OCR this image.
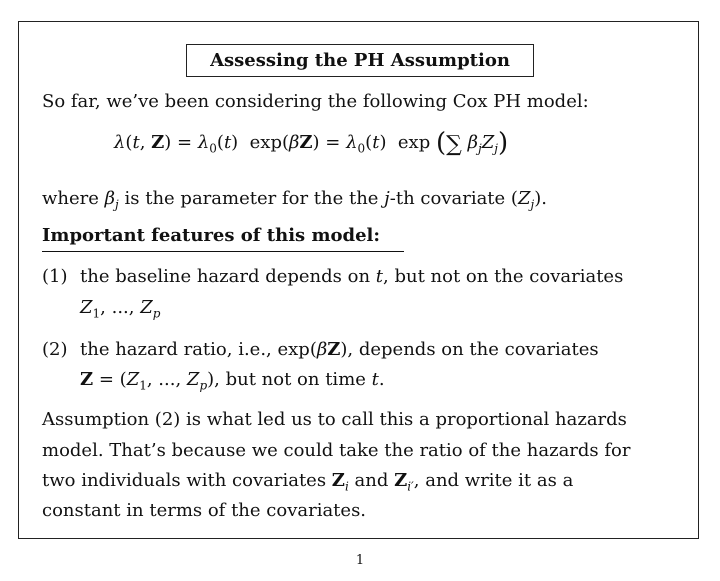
Assessing the PH Assumption
So far, we’ve been considering the following Cox PH model:
λ(t, $Z) = \lambda_0(t) \exp(\beta Z) = \lambda_0(t)$  exp (∑ $\beta_jZ_j$)
where $\beta_j$ is the parameter for the the j-th covariate $(Z_j)$.
Important features of this model:
(1) the baseline hazard depends on t, but not on the covariates
$Z_1$, ..., $Z_p$
(2) the hazard ratio, i.e., exp(βZ), depends on the covariates
$Z = (Z_1$, ..., $Z_p$), but not on time t.
Assumption (2) is what led us to call this a proportional hazards
model. That’s because we could take the ratio of the hazards for
two individuals with covariates $Z_i$ and $Z_{i'}$, and write it as a
constant in terms of the covariates.
1
